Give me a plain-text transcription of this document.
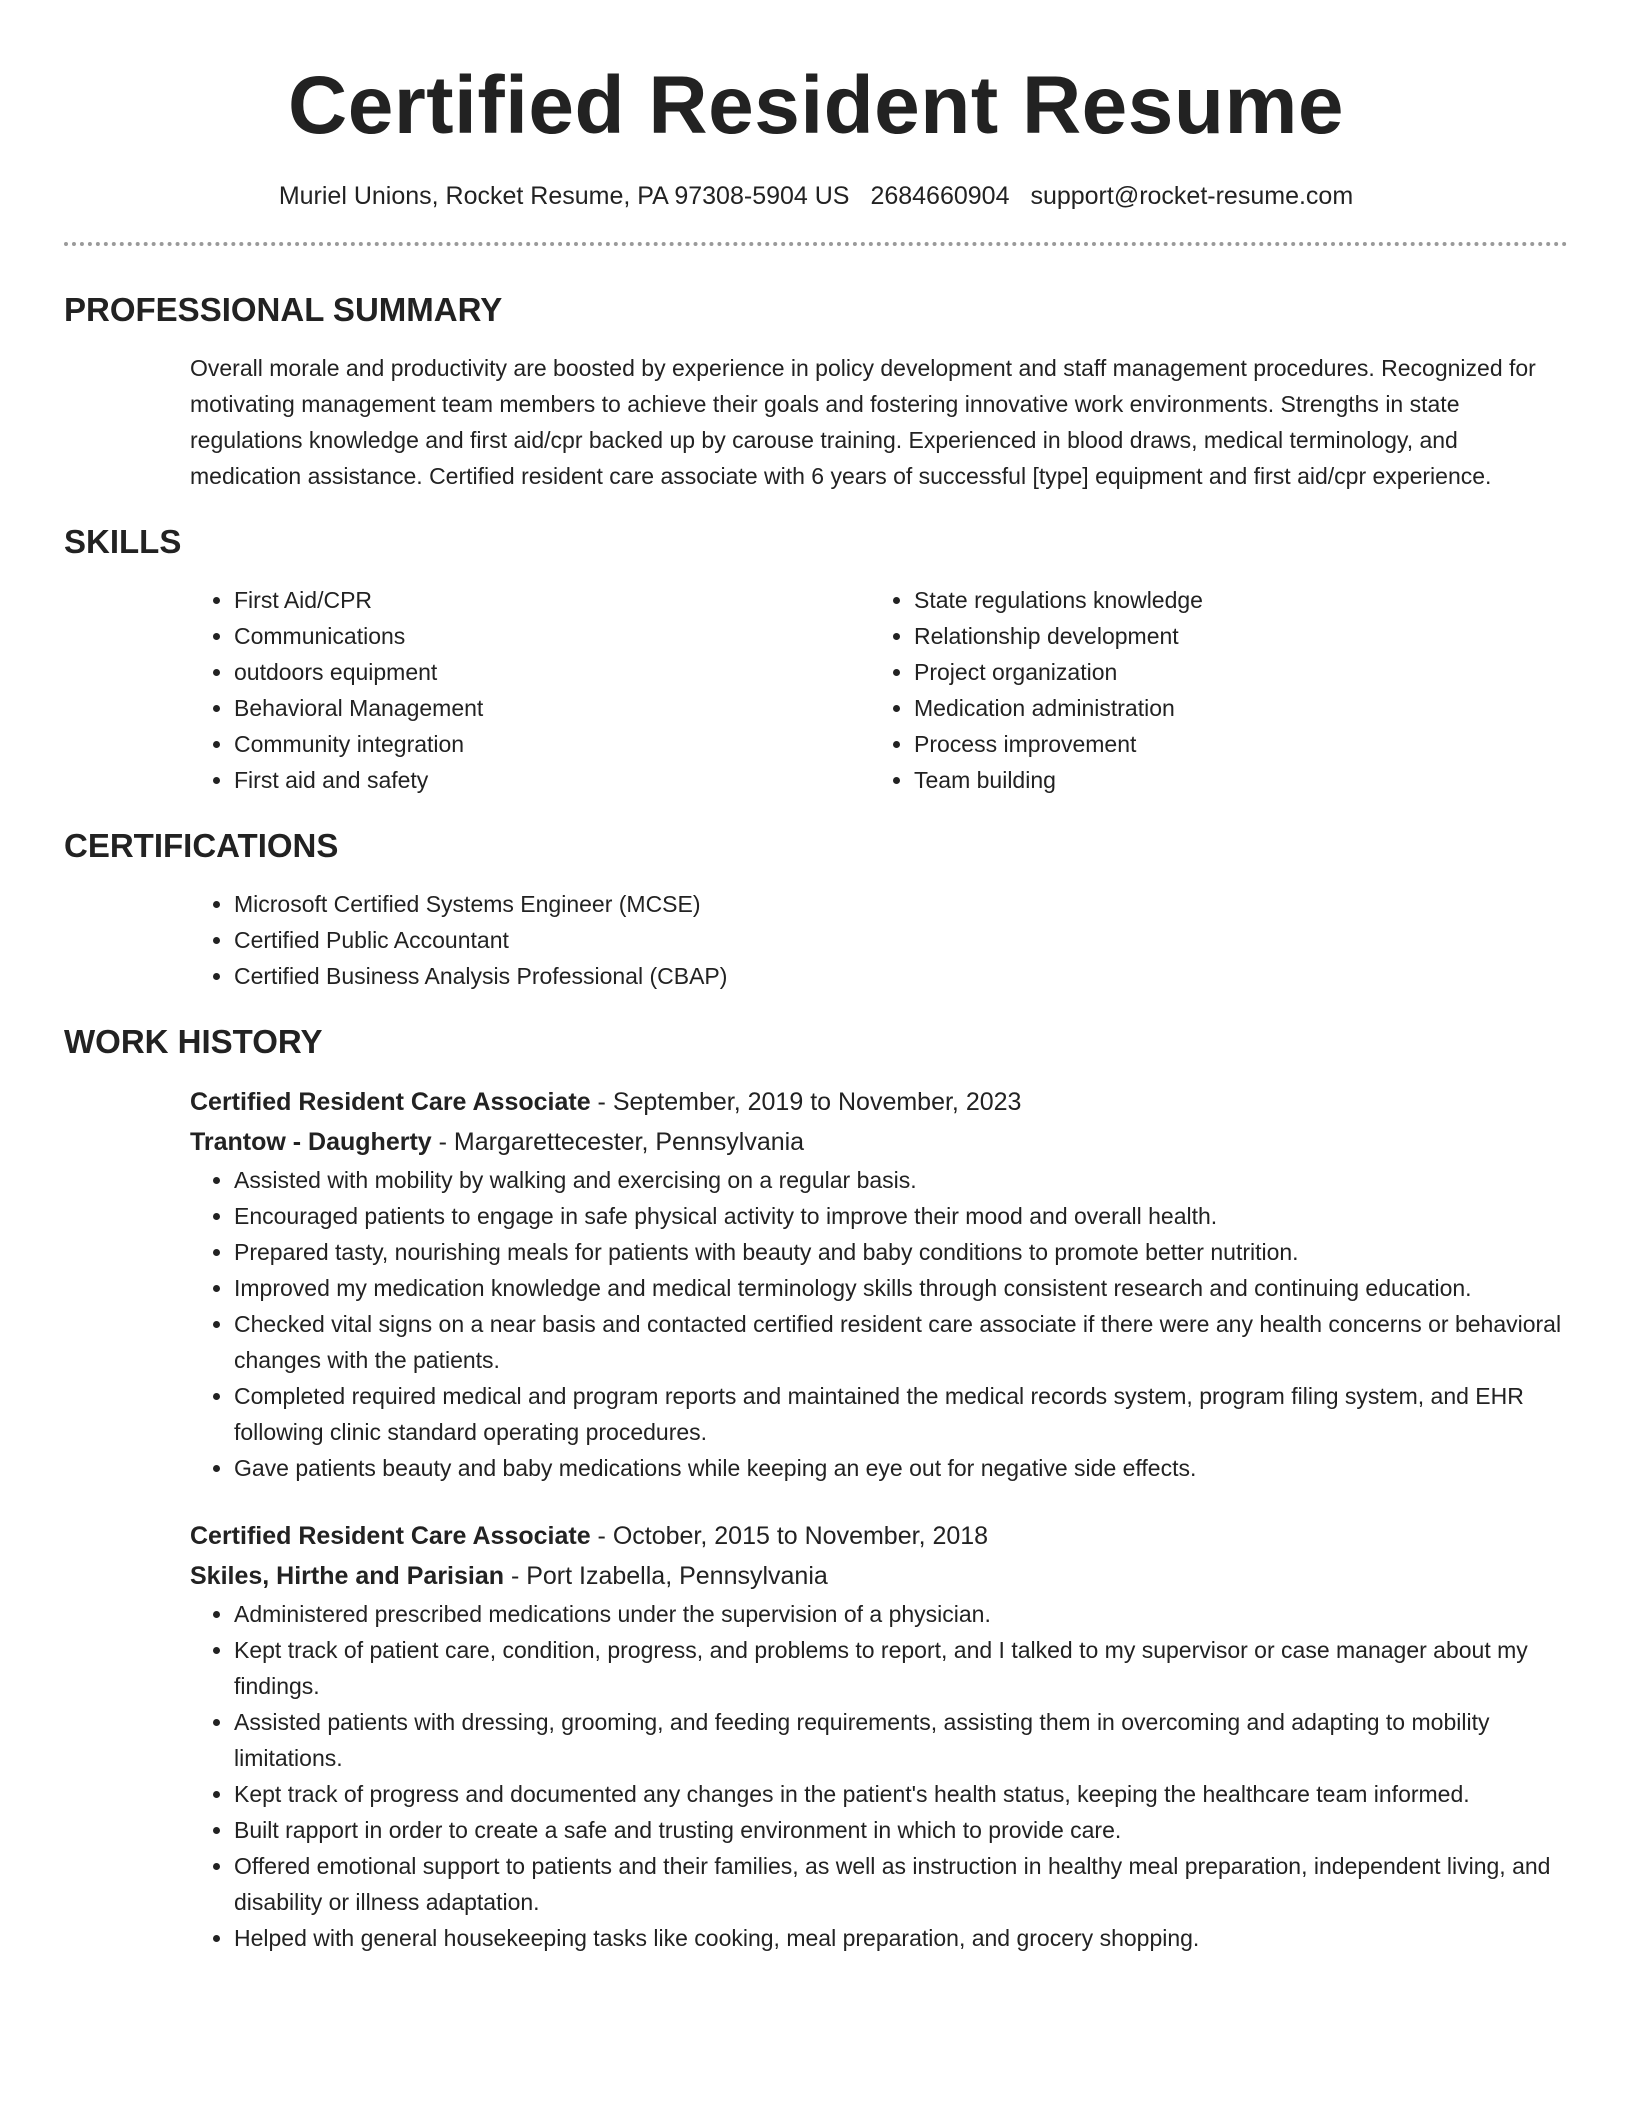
Certified Resident Resume
Muriel Unions, Rocket Resume, PA 97308-5904 US 2684660904 support@rocket-resume.com
PROFESSIONAL SUMMARY

Overall morale and productivity are boosted by experience in policy development and staff management procedures. Recognized for motivating management team members to achieve their goals and fostering innovative work environments. Strengths in state regulations knowledge and first aid/cpr backed up by carouse training. Experienced in blood draws, medical terminology, and medication assistance. Certified resident care associate with 6 years of successful [type] equipment and first aid/cpr experience.

SKILLS
• First Aid/CPR
• Communications
• outdoors equipment
• Behavioral Management
• Community integration
• First aid and safety
• State regulations knowledge
• Relationship development
• Project organization
• Medication administration
• Process improvement
• Team building
CERTIFICATIONS
• Microsoft Certified Systems Engineer (MCSE)
• Certified Public Accountant
• Certified Business Analysis Professional (CBAP)
WORK HISTORY
Certified Resident Care Associate - September, 2019 to November, 2023
Trantow - Daugherty - Margarettecester, Pennsylvania
• Assisted with mobility by walking and exercising on a regular basis.
• Encouraged patients to engage in safe physical activity to improve their mood and overall health.
• Prepared tasty, nourishing meals for patients with beauty and baby conditions to promote better nutrition.
• Improved my medication knowledge and medical terminology skills through consistent research and continuing education.
• Checked vital signs on a near basis and contacted certified resident care associate if there were any health concerns or behavioral changes with the patients.
• Completed required medical and program reports and maintained the medical records system, program filing system, and EHR following clinic standard operating procedures.
• Gave patients beauty and baby medications while keeping an eye out for negative side effects.
Certified Resident Care Associate - October, 2015 to November, 2018
Skiles, Hirthe and Parisian - Port Izabella, Pennsylvania
• Administered prescribed medications under the supervision of a physician.
• Kept track of patient care, condition, progress, and problems to report, and I talked to my supervisor or case manager about my findings.
• Assisted patients with dressing, grooming, and feeding requirements, assisting them in overcoming and adapting to mobility limitations.
• Kept track of progress and documented any changes in the patient's health status, keeping the healthcare team informed.
• Built rapport in order to create a safe and trusting environment in which to provide care.
• Offered emotional support to patients and their families, as well as instruction in healthy meal preparation, independent living, and disability or illness adaptation.
• Helped with general housekeeping tasks like cooking, meal preparation, and grocery shopping.
